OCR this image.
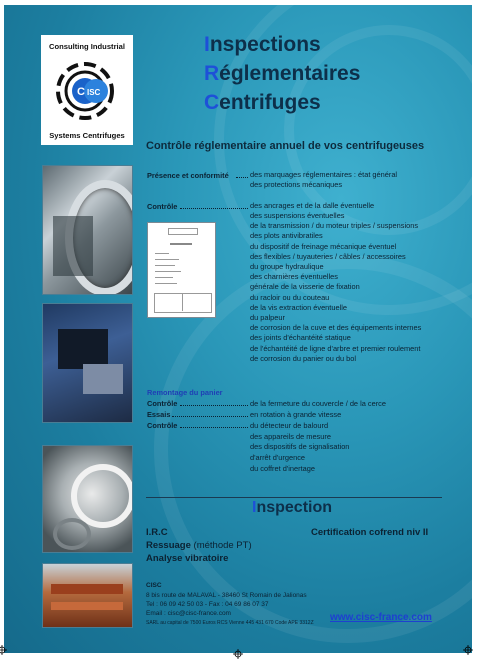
Consulting Industrial
C ISC
Systems Centrifuges
Inspections
Réglementaires
Centrifuges
Contrôle réglementaire annuel de vos centrifugeuses
Présence et conformité	des marquages réglementaires : état général
des protections mécaniques
Contrôle	des ancrages et de la dalle éventuelle
des suspensions éventuelles
de la transmission / du moteur triples / suspensions
des plots antivibratiles
du dispositif de freinage mécanique éventuel
des flexibles / tuyauteries / câbles / accessoires
du groupe hydraulique
des charnières éventuelles
générale de la visserie de fixation
du racloir ou du couteau
de la vis extraction éventuelle
du palpeur
de corrosion de la cuve et des équipements internes
des joints d'échantéité statique
de l'échantéité de ligne d'arbre et premier roulement
de corrosion du panier ou du bol
Remontage du panier
Contrôle	de la fermeture du couvercle / de la cerce
Essais	en rotation à grande vitesse
Contrôle	du détecteur de balourd
des appareils de mesure
des dispositifs de signalisation
d'arrêt d'urgence
du coffret d'inertage
Inspection
I.R.C
Ressuage (méthode PT)
Analyse vibratoire
Certification cofrend niv II
CISC
8 bis route de MALAVAL - 38460 St Romain de Jalionas
Tel : 06 09 42 50 03 - Fax : 04 69 86 07 37
Email : cisc@cisc-france.com
SARL au capital de 7500 Euros RCS Vienne 445 431 670 Code APE 3312Z www.cisc-france.com
